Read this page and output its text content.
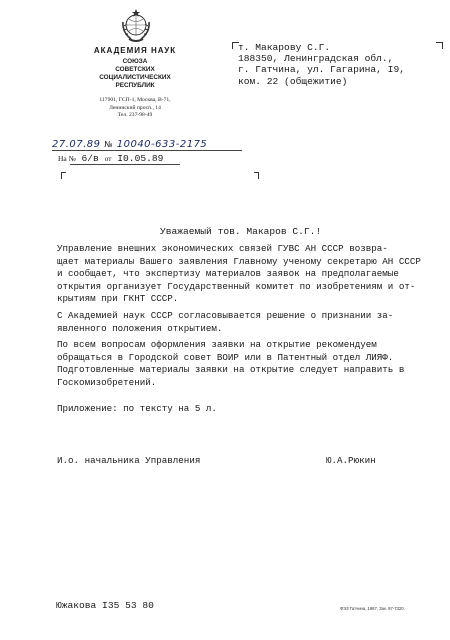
АКАДЕМИЯ НАУК
СОЮЗА
СОВЕТСКИХ
СОЦИАЛИСТИЧЕСКИХ
РЕСПУБЛИК
117901, ГСП-1, Москва, В-71,
Ленинский просп., 14
Тел. 237-98-49
т. Макарову С.Г.
188350, Ленинградская обл.,
г. Гатчина, ул. Гагарина, I9,
ком. 22 (общежитие)
27.07.89 № 10040-633-2175
На № 6/в от I0.05.89
Уважаемый тов. Макаров С.Г.!
Управление внешних экономических связей ГУВС АН СССР возвра-
щает материалы Вашего заявления Главному ученому секретарю АН СССР
и сообщает, что экспертизу материалов заявок на предполагаемые
открытия организует Государственный комитет по изобретениям и от-
крытиям при ГКНТ СССР.
С Академией наук СССР согласовывается решение о признании за-
явленного положения открытием.
По всем вопросам оформления заявки на открытие рекомендуем
обращаться в Городской совет ВОИР или в Патентный отдел ЛИЯФ.
Подготовленные материалы заявки на открытие следует направить в
Госкомизобретений.
Приложение: по тексту на 5 л.
И.о. начальника Управления	Ю.А.Рюкин
Южакова I35 53 80	ФЭЗ Гатчина, 1987, Зак. 97-7320.
